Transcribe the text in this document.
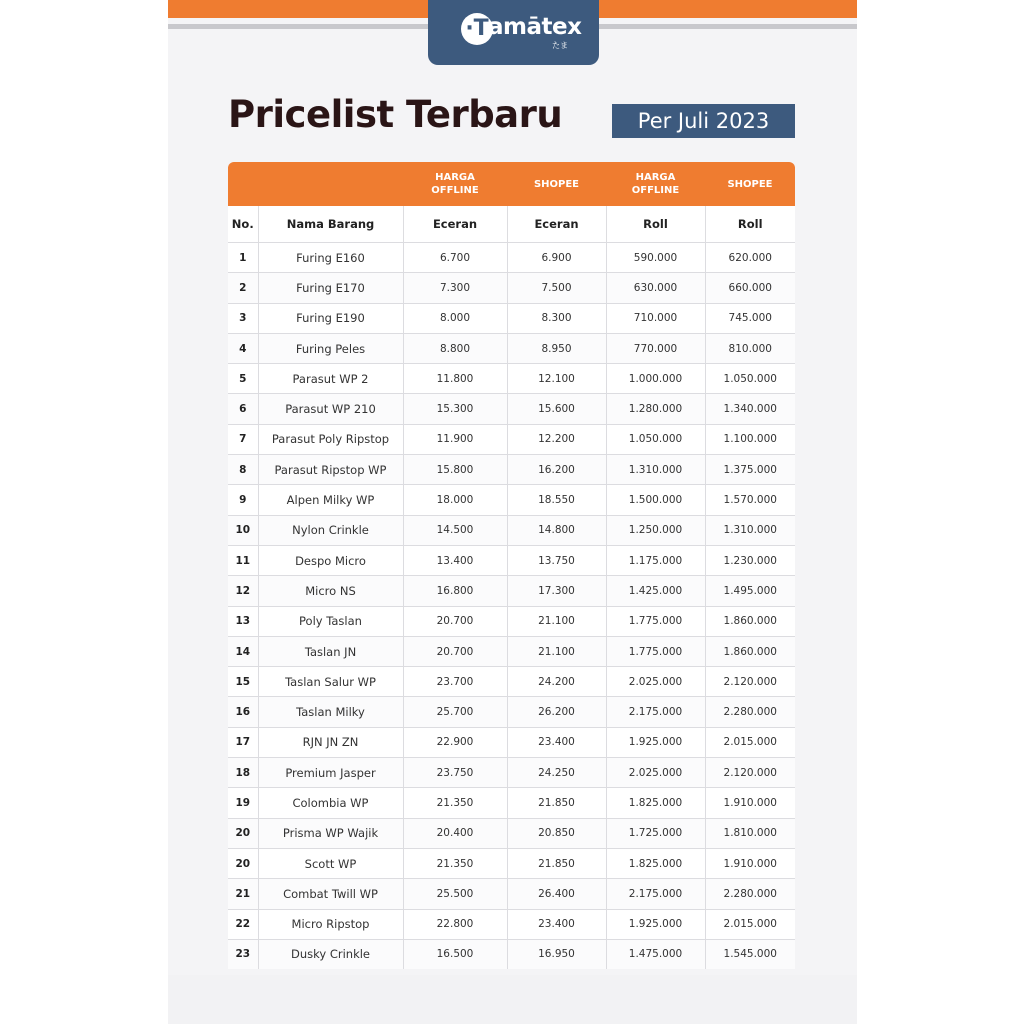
·T amātex
たま
Pricelist Terbaru	Per Juli 2023
		HARGA OFFLINE	SHOPEE	HARGA OFFLINE	SHOPEE
No.	Nama Barang	Eceran	Eceran	Roll	Roll
1	Furing E160	6.700	6.900	590.000	620.000
2	Furing E170	7.300	7.500	630.000	660.000
3	Furing E190	8.000	8.300	710.000	745.000
4	Furing Peles	8.800	8.950	770.000	810.000
5	Parasut WP 2	11.800	12.100	1.000.000	1.050.000
6	Parasut WP 210	15.300	15.600	1.280.000	1.340.000
7	Parasut Poly Ripstop	11.900	12.200	1.050.000	1.100.000
8	Parasut Ripstop WP	15.800	16.200	1.310.000	1.375.000
9	Alpen Milky WP	18.000	18.550	1.500.000	1.570.000
10	Nylon Crinkle	14.500	14.800	1.250.000	1.310.000
11	Despo Micro	13.400	13.750	1.175.000	1.230.000
12	Micro NS	16.800	17.300	1.425.000	1.495.000
13	Poly Taslan	20.700	21.100	1.775.000	1.860.000
14	Taslan JN	20.700	21.100	1.775.000	1.860.000
15	Taslan Salur WP	23.700	24.200	2.025.000	2.120.000
16	Taslan Milky	25.700	26.200	2.175.000	2.280.000
17	RJN JN ZN	22.900	23.400	1.925.000	2.015.000
18	Premium Jasper	23.750	24.250	2.025.000	2.120.000
19	Colombia WP	21.350	21.850	1.825.000	1.910.000
20	Prisma WP Wajik	20.400	20.850	1.725.000	1.810.000
20	Scott WP	21.350	21.850	1.825.000	1.910.000
21	Combat Twill WP	25.500	26.400	2.175.000	2.280.000
22	Micro Ripstop	22.800	23.400	1.925.000	2.015.000
23	Dusky Crinkle	16.500	16.950	1.475.000	1.545.000
